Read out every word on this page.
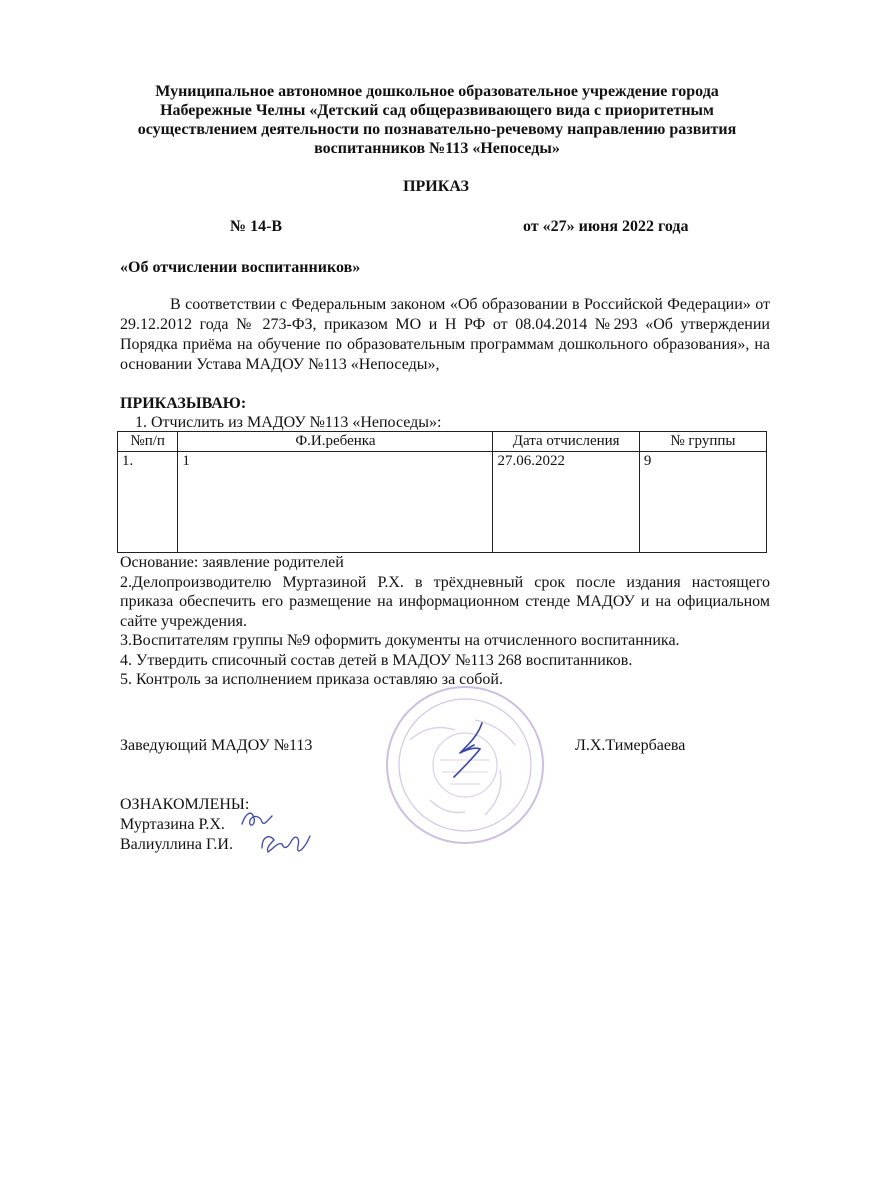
Муниципальное автономное дошкольное образовательное учреждение города Набережные Челны «Детский сад общеразвивающего вида с приоритетным осуществлением деятельности по познавательно-речевому направлению развития воспитанников №113 «Непоседы»
ПРИКАЗ
№ 14-В	от «27» июня 2022 года
«Об отчислении воспитанников»
В соответствии с Федеральным законом «Об образовании в Российской Федерации» от 29.12.2012 года № 273-ФЗ, приказом МО и Н РФ от 08.04.2014 №293 «Об утверждении Порядка приёма на обучение по образовательным программам дошкольного образования», на основании Устава МАДОУ №113 «Непоседы»,
ПРИКАЗЫВАЮ:
1. Отчислить из МАДОУ №113 «Непоседы»:
№п/п	Ф.И.ребенка	Дата отчисления	№ группы
1.	1	27.06.2022	9

Основание: заявление родителей

2.Делопроизводителю Муртазиной Р.Х. в трёхдневный срок после издания настоящего приказа обеспечить его размещение на информационном стенде МАДОУ и на официальном сайте учреждения.

3.Воспитателям группы №9 оформить документы на отчисленного воспитанника.

4. Утвердить списочный состав детей в МАДОУ №113 268 воспитанников.

5. Контроль за исполнением приказа оставляю за собой.

Заведующий МАДОУ №113	Л.Х.Тимербаева
ОЗНАКОМЛЕНЫ:
Муртазина Р.Х.
Валиуллина Г.И.
